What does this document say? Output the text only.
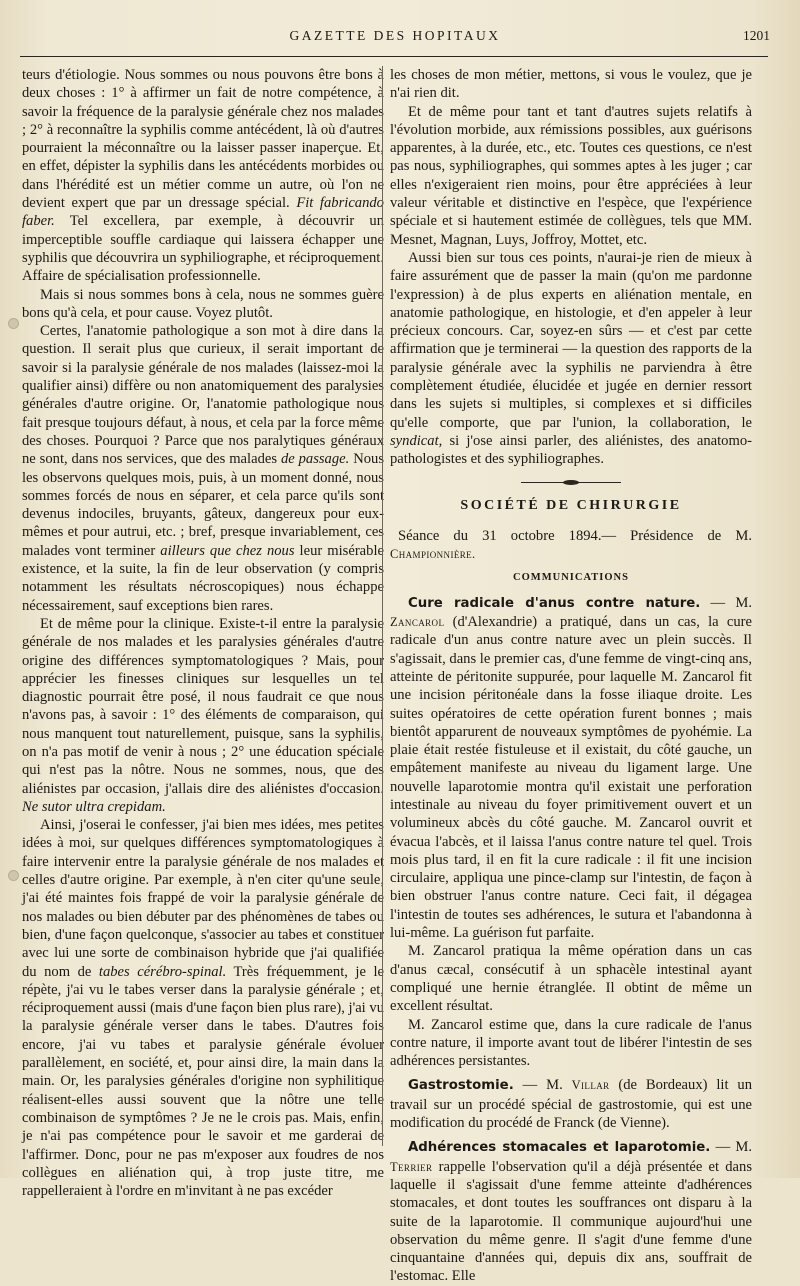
GAZETTE DES HOPITAUX	1201

teurs d'étiologie. Nous sommes ou nous pouvons être bons à deux choses : 1° à affirmer un fait de notre compétence, à savoir la fréquence de la paralysie générale chez nos malades ; 2° à reconnaître la syphilis comme antécédent, là où d'autres pourraient la méconnaître ou la laisser passer inaperçue. Et, en effet, dépister la syphilis dans les antécédents morbides ou dans l'hérédité est un métier comme un autre, où l'on ne devient expert que par un dressage spécial. Fit fabricando faber. Tel excellera, par exemple, à découvrir un imperceptible souffle cardiaque qui laissera échapper une syphilis que découvrira un syphiliographe, et réciproquement. Affaire de spécialisation professionnelle.

Mais si nous sommes bons à cela, nous ne sommes guère bons qu'à cela, et pour cause. Voyez plutôt.

Certes, l'anatomie pathologique a son mot à dire dans la question. Il serait plus que curieux, il serait important de savoir si la paralysie générale de nos malades (laissez-moi la qualifier ainsi) diffère ou non anatomiquement des paralysies générales d'autre origine. Or, l'anatomie pathologique nous fait presque toujours défaut, à nous, et cela par la force même des choses. Pourquoi ? Parce que nos paralytiques généraux ne sont, dans nos services, que des malades de passage. Nous les observons quelques mois, puis, à un moment donné, nous sommes forcés de nous en séparer, et cela parce qu'ils sont devenus indociles, bruyants, gâteux, dangereux pour eux-mêmes et pour autrui, etc. ; bref, presque invariablement, ces malades vont terminer ailleurs que chez nous leur misérable existence, et la suite, la fin de leur observation (y compris notamment les résultats nécroscopiques) nous échappe nécessairement, sauf exceptions bien rares.

Et de même pour la clinique. Existe-t-il entre la paralysie générale de nos malades et les paralysies générales d'autre origine des différences symptomatologiques ? Mais, pour apprécier les finesses cliniques sur lesquelles un tel diagnostic pourrait être posé, il nous faudrait ce que nous n'avons pas, à savoir : 1° des éléments de comparaison, qui nous manquent tout naturellement, puisque, sans la syphilis, on n'a pas motif de venir à nous ; 2° une éducation spéciale qui n'est pas la nôtre. Nous ne sommes, nous, que des aliénistes par occasion, j'allais dire des aliénistes d'occasion. Ne sutor ultra crepidam.

Ainsi, j'oserai le confesser, j'ai bien mes idées, mes petites idées à moi, sur quelques différences symptomatologiques à faire intervenir entre la paralysie générale de nos malades et celles d'autre origine. Par exemple, à n'en citer qu'une seule, j'ai été maintes fois frappé de voir la paralysie générale de nos malades ou bien débuter par des phénomènes de tabes ou bien, d'une façon quelconque, s'associer au tabes et constituer avec lui une sorte de combinaison hybride que j'ai qualifiée du nom de tabes cérébro-spinal. Très fréquemment, je le répète, j'ai vu le tabes verser dans la paralysie générale ; et, réciproquement aussi (mais d'une façon bien plus rare), j'ai vu la paralysie générale verser dans le tabes. D'autres fois encore, j'ai vu tabes et paralysie générale évoluer parallèlement, en société, et, pour ainsi dire, la main dans la main. Or, les paralysies générales d'origine non syphilitique réalisent-elles aussi souvent que la nôtre une telle combinaison de symptômes ? Je ne le crois pas. Mais, enfin, je n'ai pas compétence pour le savoir et me garderai de l'affirmer. Donc, pour ne pas m'exposer aux foudres de nos collègues en aliénation qui, à trop juste titre, me rappelleraient à l'ordre en m'invitant à ne pas excéder

les choses de mon métier, mettons, si vous le voulez, que je n'ai rien dit.

Et de même pour tant et tant d'autres sujets relatifs à l'évolution morbide, aux rémissions possibles, aux guérisons apparentes, à la durée, etc., etc. Toutes ces questions, ce n'est pas nous, syphiliographes, qui sommes aptes à les juger ; car elles n'exigeraient rien moins, pour être appréciées à leur valeur véritable et distinctive en l'espèce, que l'expérience spéciale et si hautement estimée de collègues, tels que MM. Mesnet, Magnan, Luys, Joffroy, Mottet, etc.

Aussi bien sur tous ces points, n'aurai-je rien de mieux à faire assurément que de passer la main (qu'on me pardonne l'expression) à de plus experts en aliénation mentale, en anatomie pathologique, en histologie, et d'en appeler à leur précieux concours. Car, soyez-en sûrs — et c'est par cette affirmation que je terminerai — la question des rapports de la paralysie générale avec la syphilis ne parviendra à être complètement étudiée, élucidée et jugée en dernier ressort dans les sujets si multiples, si complexes et si difficiles qu'elle comporte, que par l'union, la collaboration, le syndicat, si j'ose ainsi parler, des aliénistes, des anatomo-pathologistes et des syphiliographes.

SOCIÉTÉ DE CHIRURGIE

Séance du 31 octobre 1894.— Présidence de M. Championnière.

COMMUNICATIONS

Cure radicale d'anus contre nature. — M. Zancarol (d'Alexandrie) a pratiqué, dans un cas, la cure radicale d'un anus contre nature avec un plein succès. Il s'agissait, dans le premier cas, d'une femme de vingt-cinq ans, atteinte de péritonite suppurée, pour laquelle M. Zancarol fit une incision péritonéale dans la fosse iliaque droite. Les suites opératoires de cette opération furent bonnes ; mais bientôt apparurent de nouveaux symptômes de pyohémie. La plaie était restée fistuleuse et il existait, du côté gauche, un empâtement manifeste au niveau du ligament large. Une nouvelle laparotomie montra qu'il existait une perforation intestinale au niveau du foyer primitivement ouvert et un volumineux abcès du côté gauche. M. Zancarol ouvrit et évacua l'abcès, et il laissa l'anus contre nature tel quel. Trois mois plus tard, il en fit la cure radicale : il fit une incision circulaire, appliqua une pince-clamp sur l'intestin, de façon à bien obstruer l'anus contre nature. Ceci fait, il dégagea l'intestin de toutes ses adhérences, le sutura et l'abandonna à lui-même. La guérison fut parfaite.

M. Zancarol pratiqua la même opération dans un cas d'anus cæcal, consécutif à un sphacèle intestinal ayant compliqué une hernie étranglée. Il obtint de même un excellent résultat.

M. Zancarol estime que, dans la cure radicale de l'anus contre nature, il importe avant tout de libérer l'intestin de ses adhérences persistantes.

Gastrostomie. — M. Villar (de Bordeaux) lit un travail sur un procédé spécial de gastrostomie, qui est une modification du procédé de Franck (de Vienne).

Adhérences stomacales et laparotomie. — M. Terrier rappelle l'observation qu'il a déjà présentée et dans laquelle il s'agissait d'une femme atteinte d'adhérences stomacales, et dont toutes les souffrances ont disparu à la suite de la laparotomie. Il communique aujourd'hui une observation du même genre. Il s'agit d'une femme d'une cinquantaine d'années qui, depuis dix ans, souffrait de l'estomac. Elle
